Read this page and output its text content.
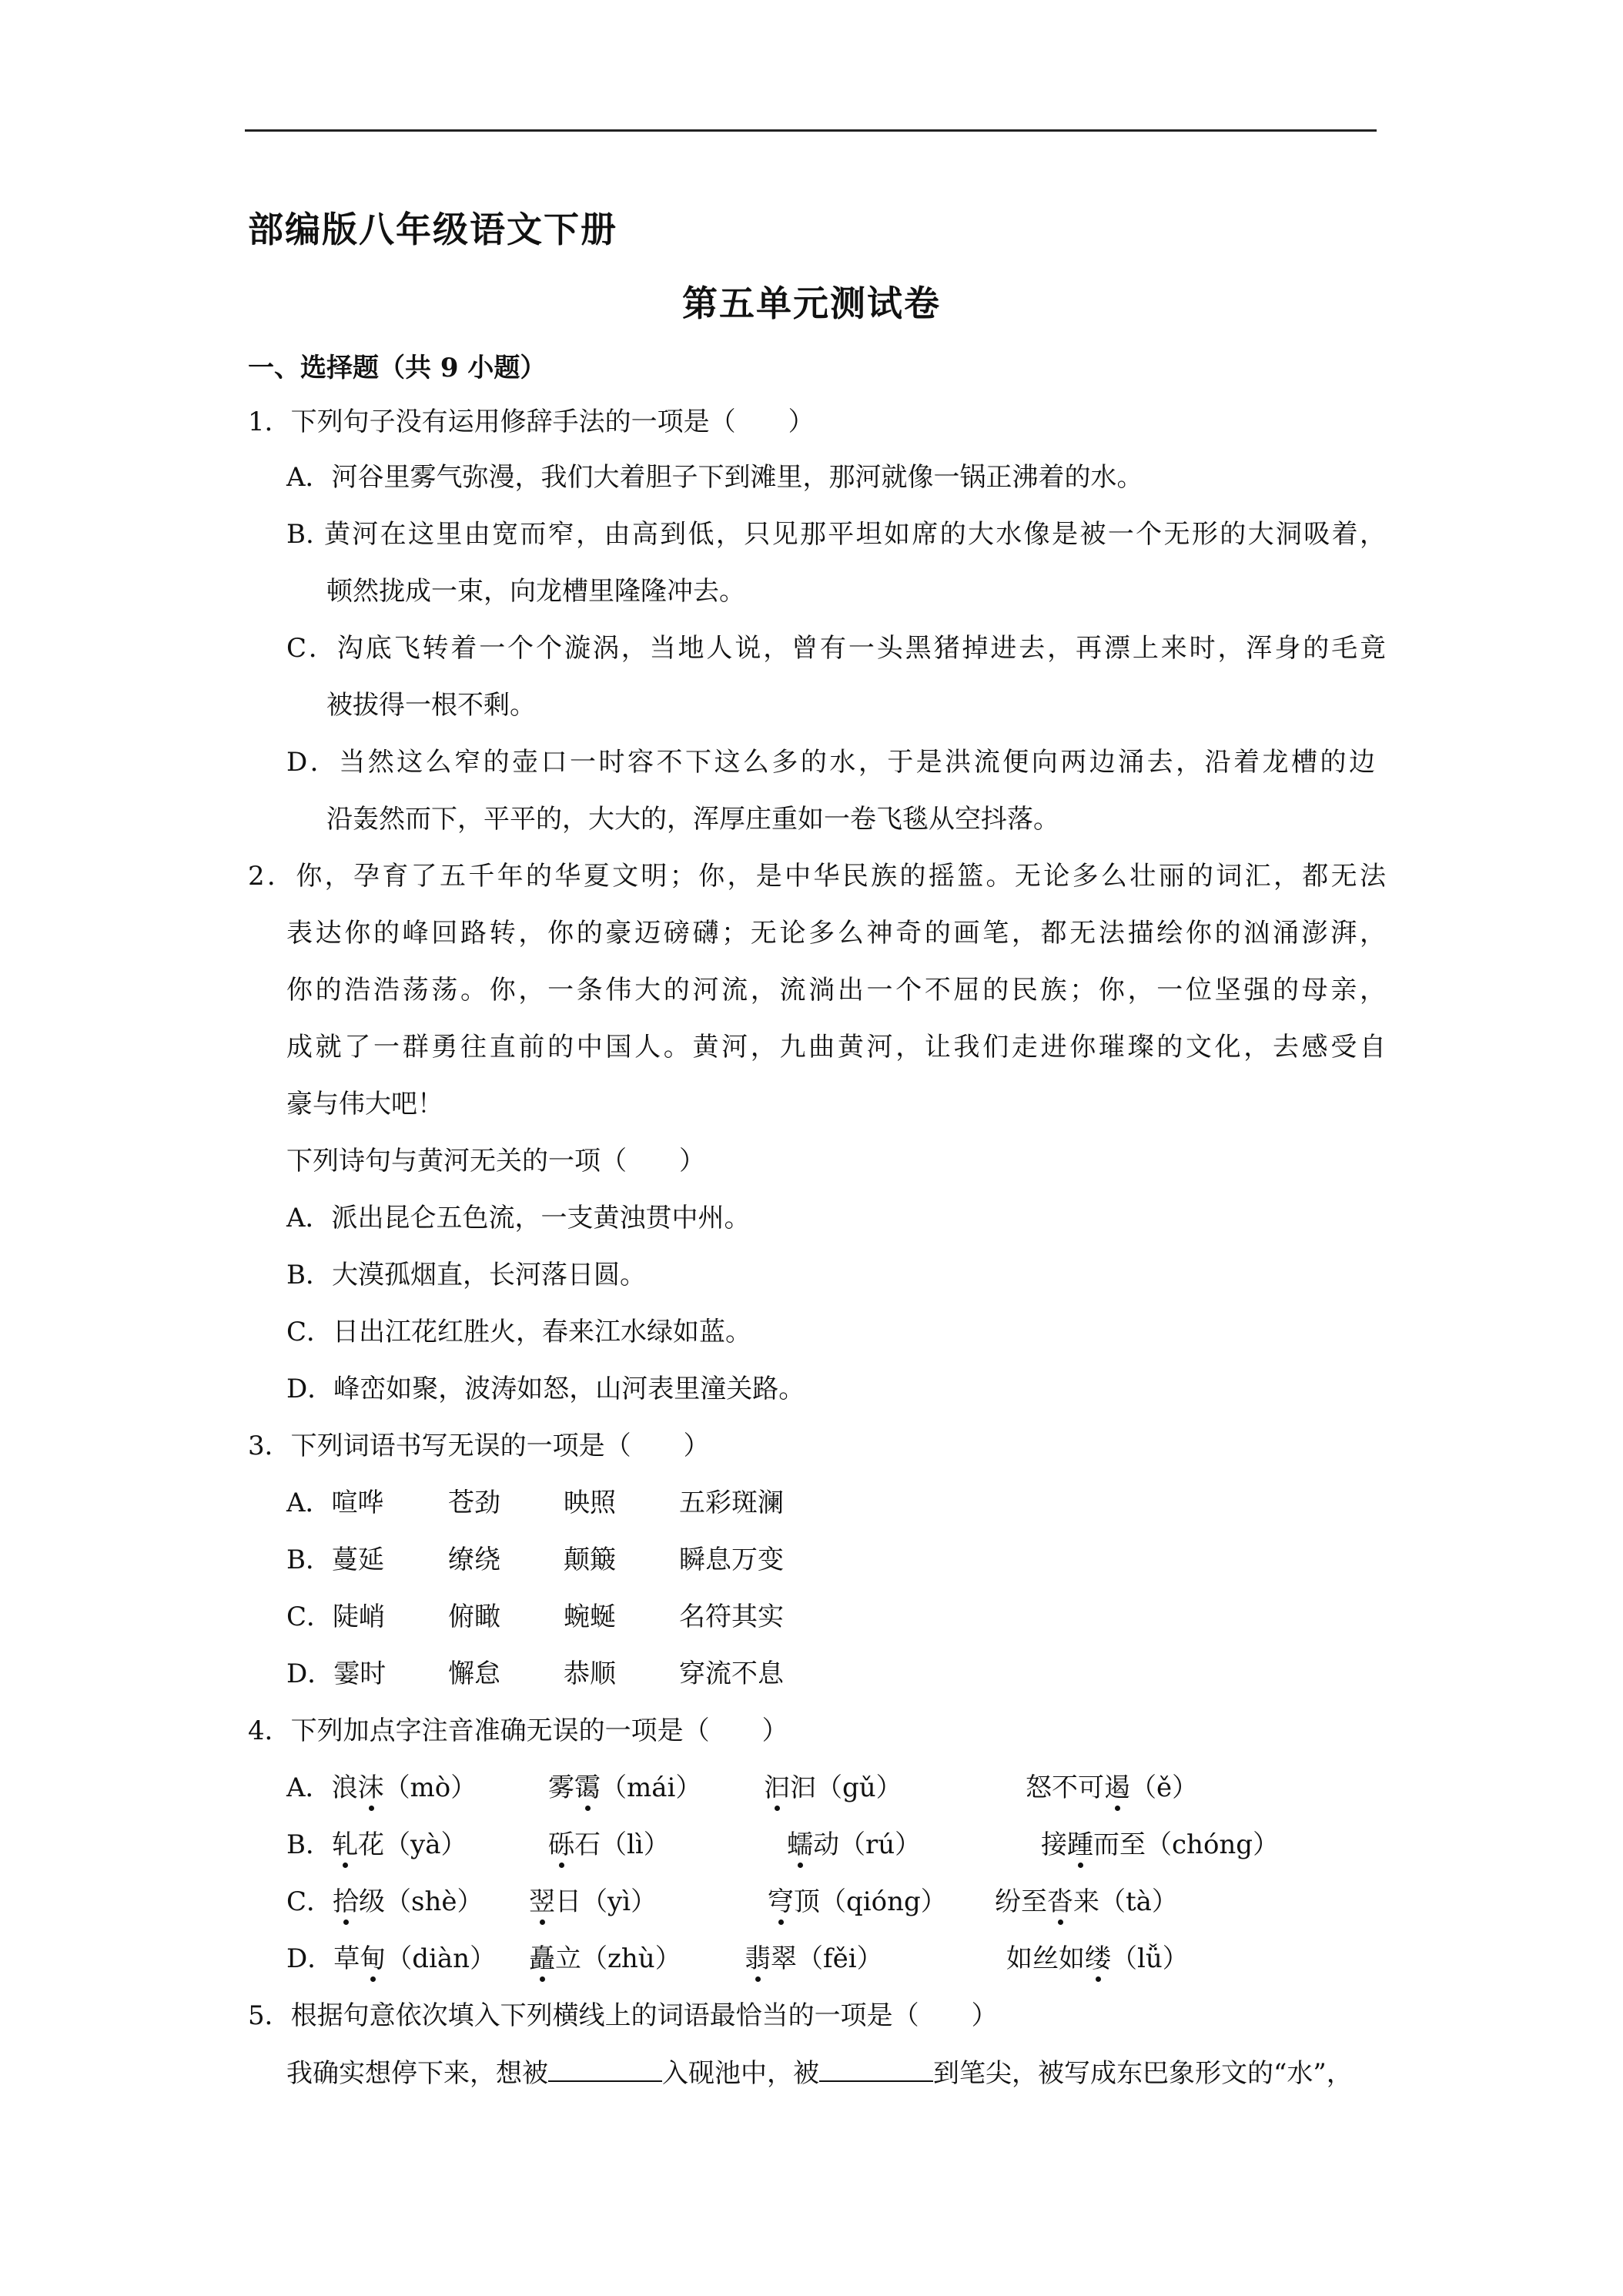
部编版八年级语文下册
第五单元测试卷
一、选择题（共 9 小题）
1．下列句子没有运用修辞手法的一项是（　　）
A．河谷里雾气弥漫，我们大着胆子下到滩里，那河就像一锅正沸着的水。
B. 黄河在这里由宽而窄，由高到低，只见那平坦如席的大水像是被一个无形的大洞吸着，
顿然拢成一束，向龙槽里隆隆冲去。
C．沟底飞转着一个个漩涡，当地人说，曾有一头黑猪掉进去，再漂上来时，浑身的毛竟
被拔得一根不剩。
D．当然这么窄的壶口一时容不下这么多的水，于是洪流便向两边涌去，沿着龙槽的边
沿轰然而下，平平的，大大的，浑厚庄重如一卷飞毯从空抖落。
2．你，孕育了五千年的华夏文明；你，是中华民族的摇篮。无论多么壮丽的词汇，都无法
表达你的峰回路转，你的豪迈磅礴；无论多么神奇的画笔，都无法描绘你的汹涌澎湃，
你的浩浩荡荡。你，一条伟大的河流，流淌出一个不屈的民族；你，一位坚强的母亲，
成就了一群勇往直前的中国人。黄河，九曲黄河，让我们走进你璀璨的文化，去感受自
豪与伟大吧！
下列诗句与黄河无关的一项（　　）
A．派出昆仑五色流，一支黄浊贯中州。
B．大漠孤烟直，长河落日圆。
C．日出江花红胜火，春来江水绿如蓝。
D．峰峦如聚，波涛如怒，山河表里潼关路。
3．下列词语书写无误的一项是（　　）
A．喧哗 苍劲 映照 五彩斑澜
B．蔓延 缭绕 颠簸 瞬息万变
C．陡峭 俯瞰 蜿蜒 名符其实
D．霎时 懈怠 恭顺 穿流不息
4．下列加点字注音准确无误的一项是（　　）
A．浪沫（mò）	雾霭（mái） 汩汩（gǔ）	怒不可遏（ě）
B．轧花（yà）	砾石（lì）	蠕动（rú）	接踵而至（chóng）
C．拾级（shè） 翌日（yì）	穹顶（qióng） 纷至沓来（tà）
D．草甸（diàn） 矗立（zhù） 翡翠（fěi）	如丝如缕（lǚ）
5．根据句意依次填入下列横线上的词语最恰当的一项是（　　）
我确实想停下来，想被	入砚池中，被	到笔尖，被写成东巴象形文的“水”，
